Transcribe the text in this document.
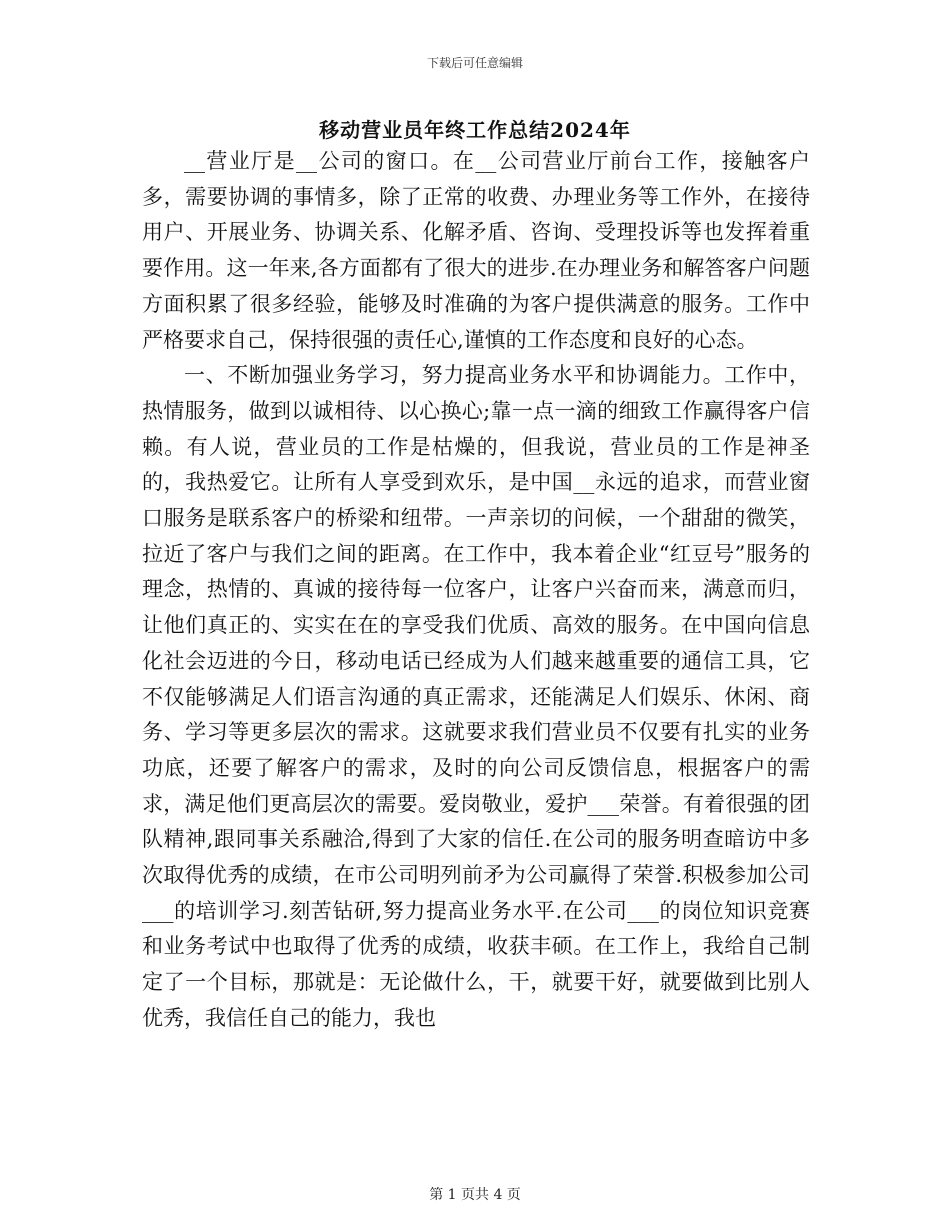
下载后可任意编辑
移动营业员年终工作总结2024年

__营业厅是__公司的窗口。在__公司营业厅前台工作，接触客户多，需要协调的事情多，除了正常的收费、办理业务等工作外，在接待用户、开展业务、协调关系、化解矛盾、咨询、受理投诉等也发挥着重要作用。这一年来,各方面都有了很大的进步.在办理业务和解答客户问题方面积累了很多经验，能够及时准确的为客户提供满意的服务。工作中严格要求自己，保持很强的责任心,谨慎的工作态度和良好的心态。

一、不断加强业务学习，努力提高业务水平和协调能力。工作中，热情服务，做到以诚相待、以心换心;靠一点一滴的细致工作赢得客户信赖。有人说，营业员的工作是枯燥的，但我说，营业员的工作是神圣的，我热爱它。让所有人享受到欢乐，是中国__永远的追求，而营业窗口服务是联系客户的桥梁和纽带。一声亲切的问候，一个甜甜的微笑，拉近了客户与我们之间的距离。在工作中，我本着企业“红豆号”服务的理念，热情的、真诚的接待每一位客户，让客户兴奋而来，满意而归，让他们真正的、实实在在的享受我们优质、高效的服务。在中国向信息化社会迈进的今日，移动电话已经成为人们越来越重要的通信工具，它不仅能够满足人们语言沟通的真正需求，还能满足人们娱乐、休闲、商务、学习等更多层次的需求。这就要求我们营业员不仅要有扎实的业务功底，还要了解客户的需求，及时的向公司反馈信息，根据客户的需求，满足他们更高层次的需要。爱岗敬业，爱护___荣誉。有着很强的团队精神,跟同事关系融洽,得到了大家的信任.在公司的服务明查暗访中多次取得优秀的成绩，在市公司明列前矛为公司赢得了荣誉.积极参加公司___的培训学习.刻苦钻研,努力提高业务水平.在公司___的岗位知识竞赛和业务考试中也取得了优秀的成绩，收获丰硕。在工作上，我给自己制定了一个目标，那就是：无论做什么，干，就要干好，就要做到比别人优秀，我信任自己的能力，我也

第 1 页共 4 页
